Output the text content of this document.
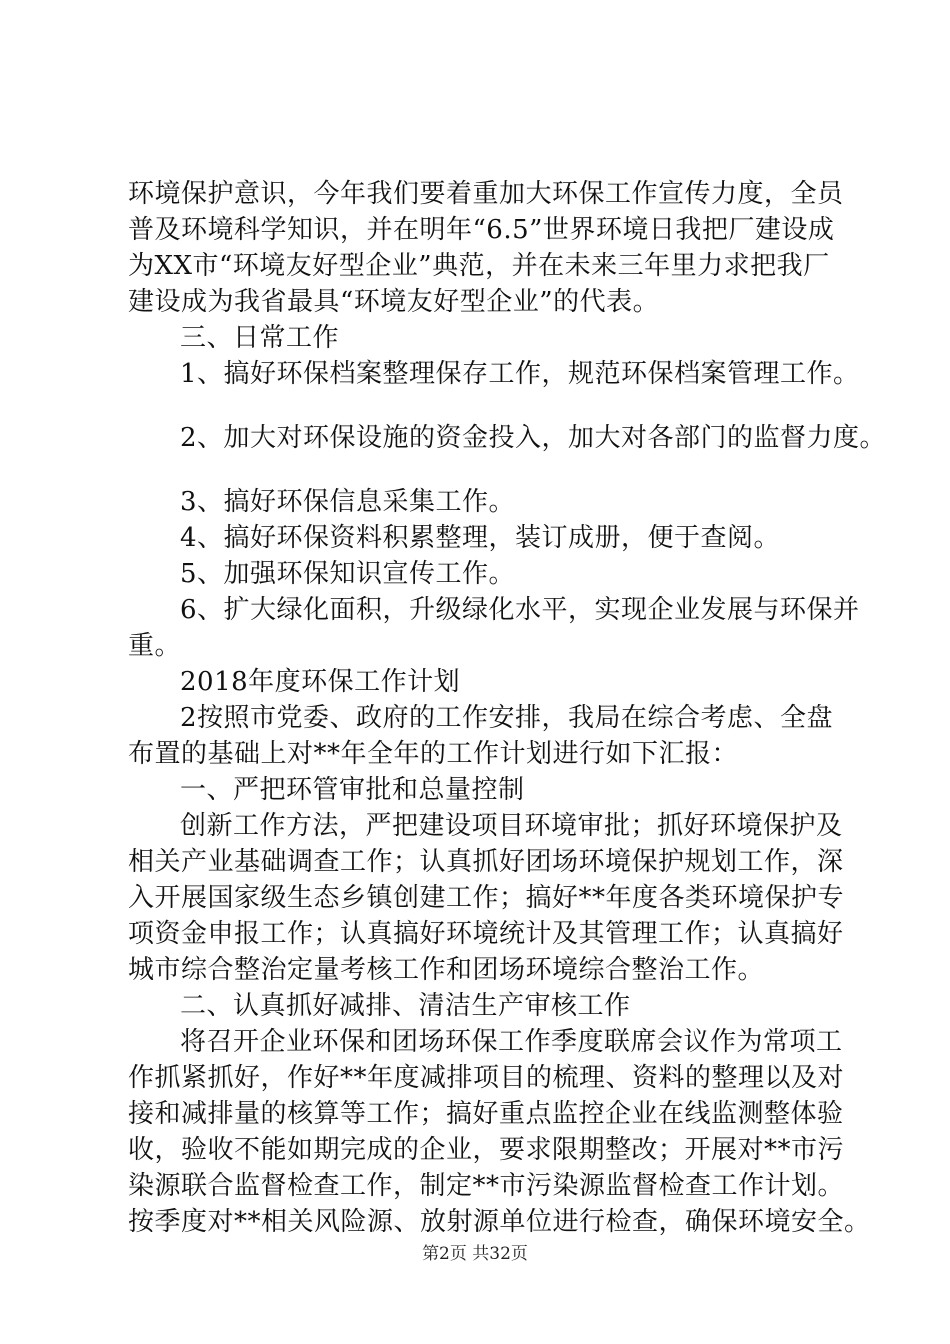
环境保护意识，今年我们要着重加大环保工作宣传力度，全员
普及环境科学知识，并在明年“6.5”世界环境日我把厂建设成
为XX市“环境友好型企业”典范，并在未来三年里力求把我厂
建设成为我省最具“环境友好型企业”的代表。
三、日常工作
1、搞好环保档案整理保存工作，规范环保档案管理工作。
2、加大对环保设施的资金投入，加大对各部门的监督力度。
3、搞好环保信息采集工作。
4、搞好环保资料积累整理，装订成册，便于查阅。
5、加强环保知识宣传工作。
6、扩大绿化面积，升级绿化水平，实现企业发展与环保并
重。
2018年度环保工作计划
2按照市党委、政府的工作安排，我局在综合考虑、全盘
布置的基础上对**年全年的工作计划进行如下汇报：
一、严把环管审批和总量控制
创新工作方法，严把建设项目环境审批；抓好环境保护及
相关产业基础调查工作；认真抓好团场环境保护规划工作，深
入开展国家级生态乡镇创建工作；搞好**年度各类环境保护专
项资金申报工作；认真搞好环境统计及其管理工作；认真搞好
城市综合整治定量考核工作和团场环境综合整治工作。
二、认真抓好减排、清洁生产审核工作
将召开企业环保和团场环保工作季度联席会议作为常项工
作抓紧抓好，作好**年度减排项目的梳理、资料的整理以及对
接和减排量的核算等工作；搞好重点监控企业在线监测整体验
收，验收不能如期完成的企业，要求限期整改；开展对**市污
染源联合监督检查工作，制定**市污染源监督检查工作计划。
按季度对**相关风险源、放射源单位进行检查，确保环境安全。
第2页 共32页
